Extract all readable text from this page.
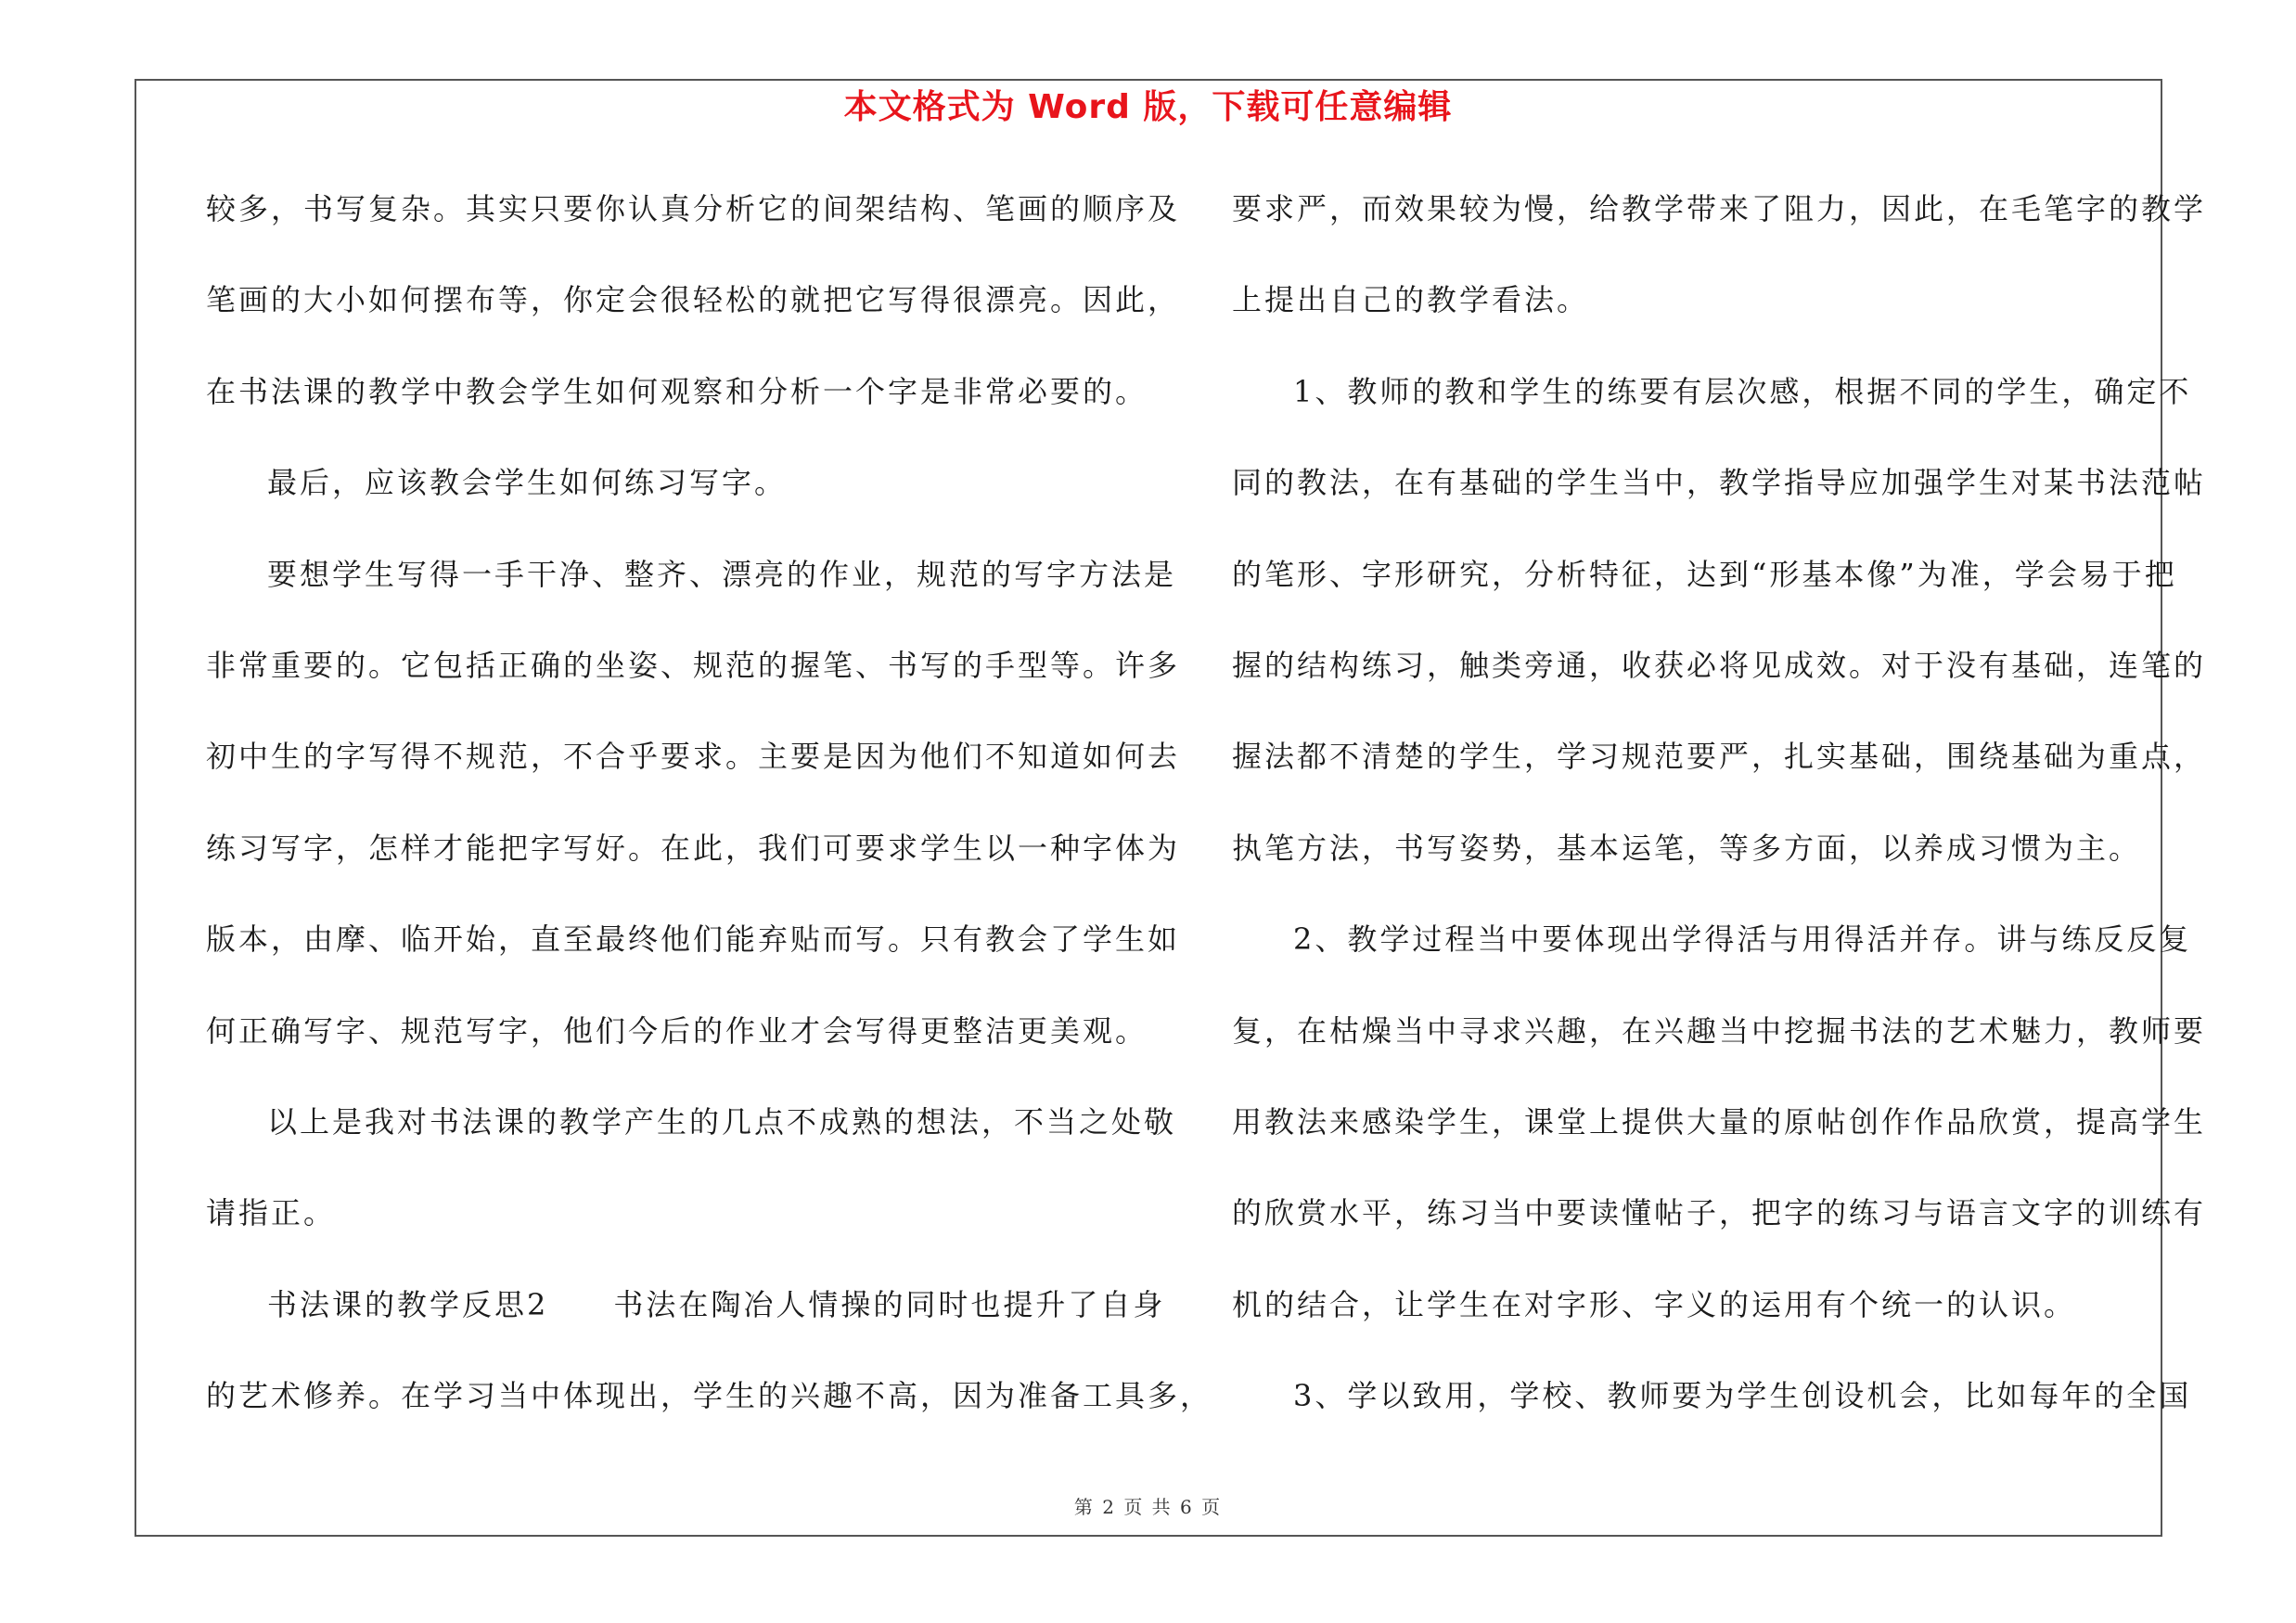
本文格式为 Word 版，下载可任意编辑
较多，书写复杂。其实只要你认真分析它的间架结构、笔画的顺序及
笔画的大小如何摆布等，你定会很轻松的就把它写得很漂亮。因此，
在书法课的教学中教会学生如何观察和分析一个字是非常必要的。
最后，应该教会学生如何练习写字。
要想学生写得一手干净、整齐、漂亮的作业，规范的写字方法是
非常重要的。它包括正确的坐姿、规范的握笔、书写的手型等。许多
初中生的字写得不规范，不合乎要求。主要是因为他们不知道如何去
练习写字，怎样才能把字写好。在此，我们可要求学生以一种字体为
版本，由摩、临开始，直至最终他们能弃贴而写。只有教会了学生如
何正确写字、规范写字，他们今后的作业才会写得更整洁更美观。
以上是我对书法课的教学产生的几点不成熟的想法，不当之处敬
请指正。
书法课的教学反思2　　书法在陶冶人情操的同时也提升了自身
的艺术修养。在学习当中体现出，学生的兴趣不高，因为准备工具多，
要求严，而效果较为慢，给教学带来了阻力，因此，在毛笔字的教学
上提出自己的教学看法。
1、教师的教和学生的练要有层次感，根据不同的学生，确定不
同的教法，在有基础的学生当中，教学指导应加强学生对某书法范帖
的笔形、字形研究，分析特征，达到“形基本像”为准，学会易于把
握的结构练习，触类旁通，收获必将见成效。对于没有基础，连笔的
握法都不清楚的学生，学习规范要严，扎实基础，围绕基础为重点，
执笔方法，书写姿势，基本运笔，等多方面，以养成习惯为主。
2、教学过程当中要体现出学得活与用得活并存。讲与练反反复
复，在枯燥当中寻求兴趣，在兴趣当中挖掘书法的艺术魅力，教师要
用教法来感染学生，课堂上提供大量的原帖创作作品欣赏，提高学生
的欣赏水平，练习当中要读懂帖子，把字的练习与语言文字的训练有
机的结合，让学生在对字形、字义的运用有个统一的认识。
3、学以致用，学校、教师要为学生创设机会，比如每年的全国
第 2 页 共 6 页
